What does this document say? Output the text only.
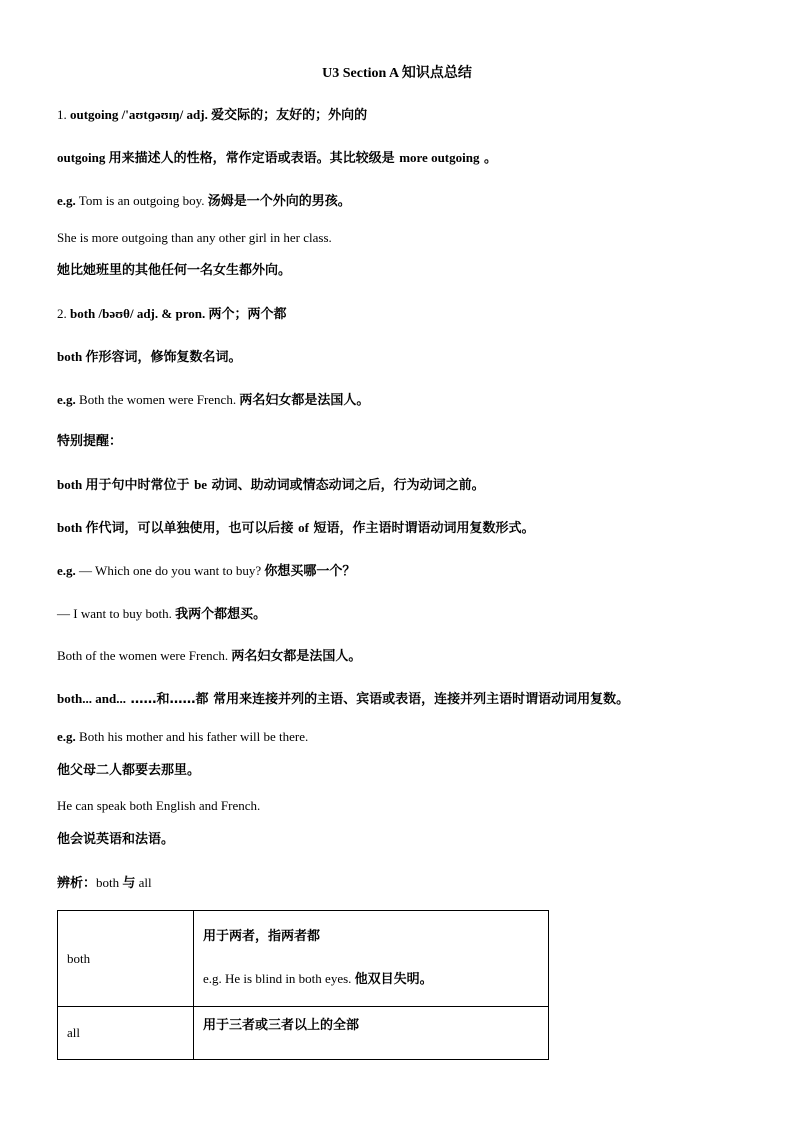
U3 Section A 知识点总结
1. outgoing /'aʊtɡəʊɪŋ/ adj. 爱交际的；友好的；外向的
outgoing 用来描述人的性格，常作定语或表语。其比较级是 more outgoing 。
e.g. Tom is an outgoing boy. 汤姆是一个外向的男孩。
She is more outgoing than any other girl in her class.
她比她班里的其他任何一名女生都外向。
2. both /bəʊθ/ adj. & pron. 两个；两个都
both 作形容词，修饰复数名词。
e.g. Both the women were French. 两名妇女都是法国人。
特别提醒：
both 用于句中时常位于 be 动词、助动词或情态动词之后，行为动词之前。
both 作代词，可以单独使用，也可以后接 of 短语，作主语时谓语动词用复数形式。
e.g. — Which one do you want to buy? 你想买哪一个？
— I want to buy both. 我两个都想买。
Both of the women were French. 两名妇女都是法国人。
both... and... ……和……都 常用来连接并列的主语、宾语或表语，连接并列主语时谓语动词用复数。
e.g. Both his mother and his father will be there.
他父母二人都要去那里。
He can speak both English and French.
他会说英语和法语。
辨析：both 与 all
both	用于两者，指两者都
e.g. He is blind in both eyes. 他双目失明。

all	用于三者或三者以上的全部
